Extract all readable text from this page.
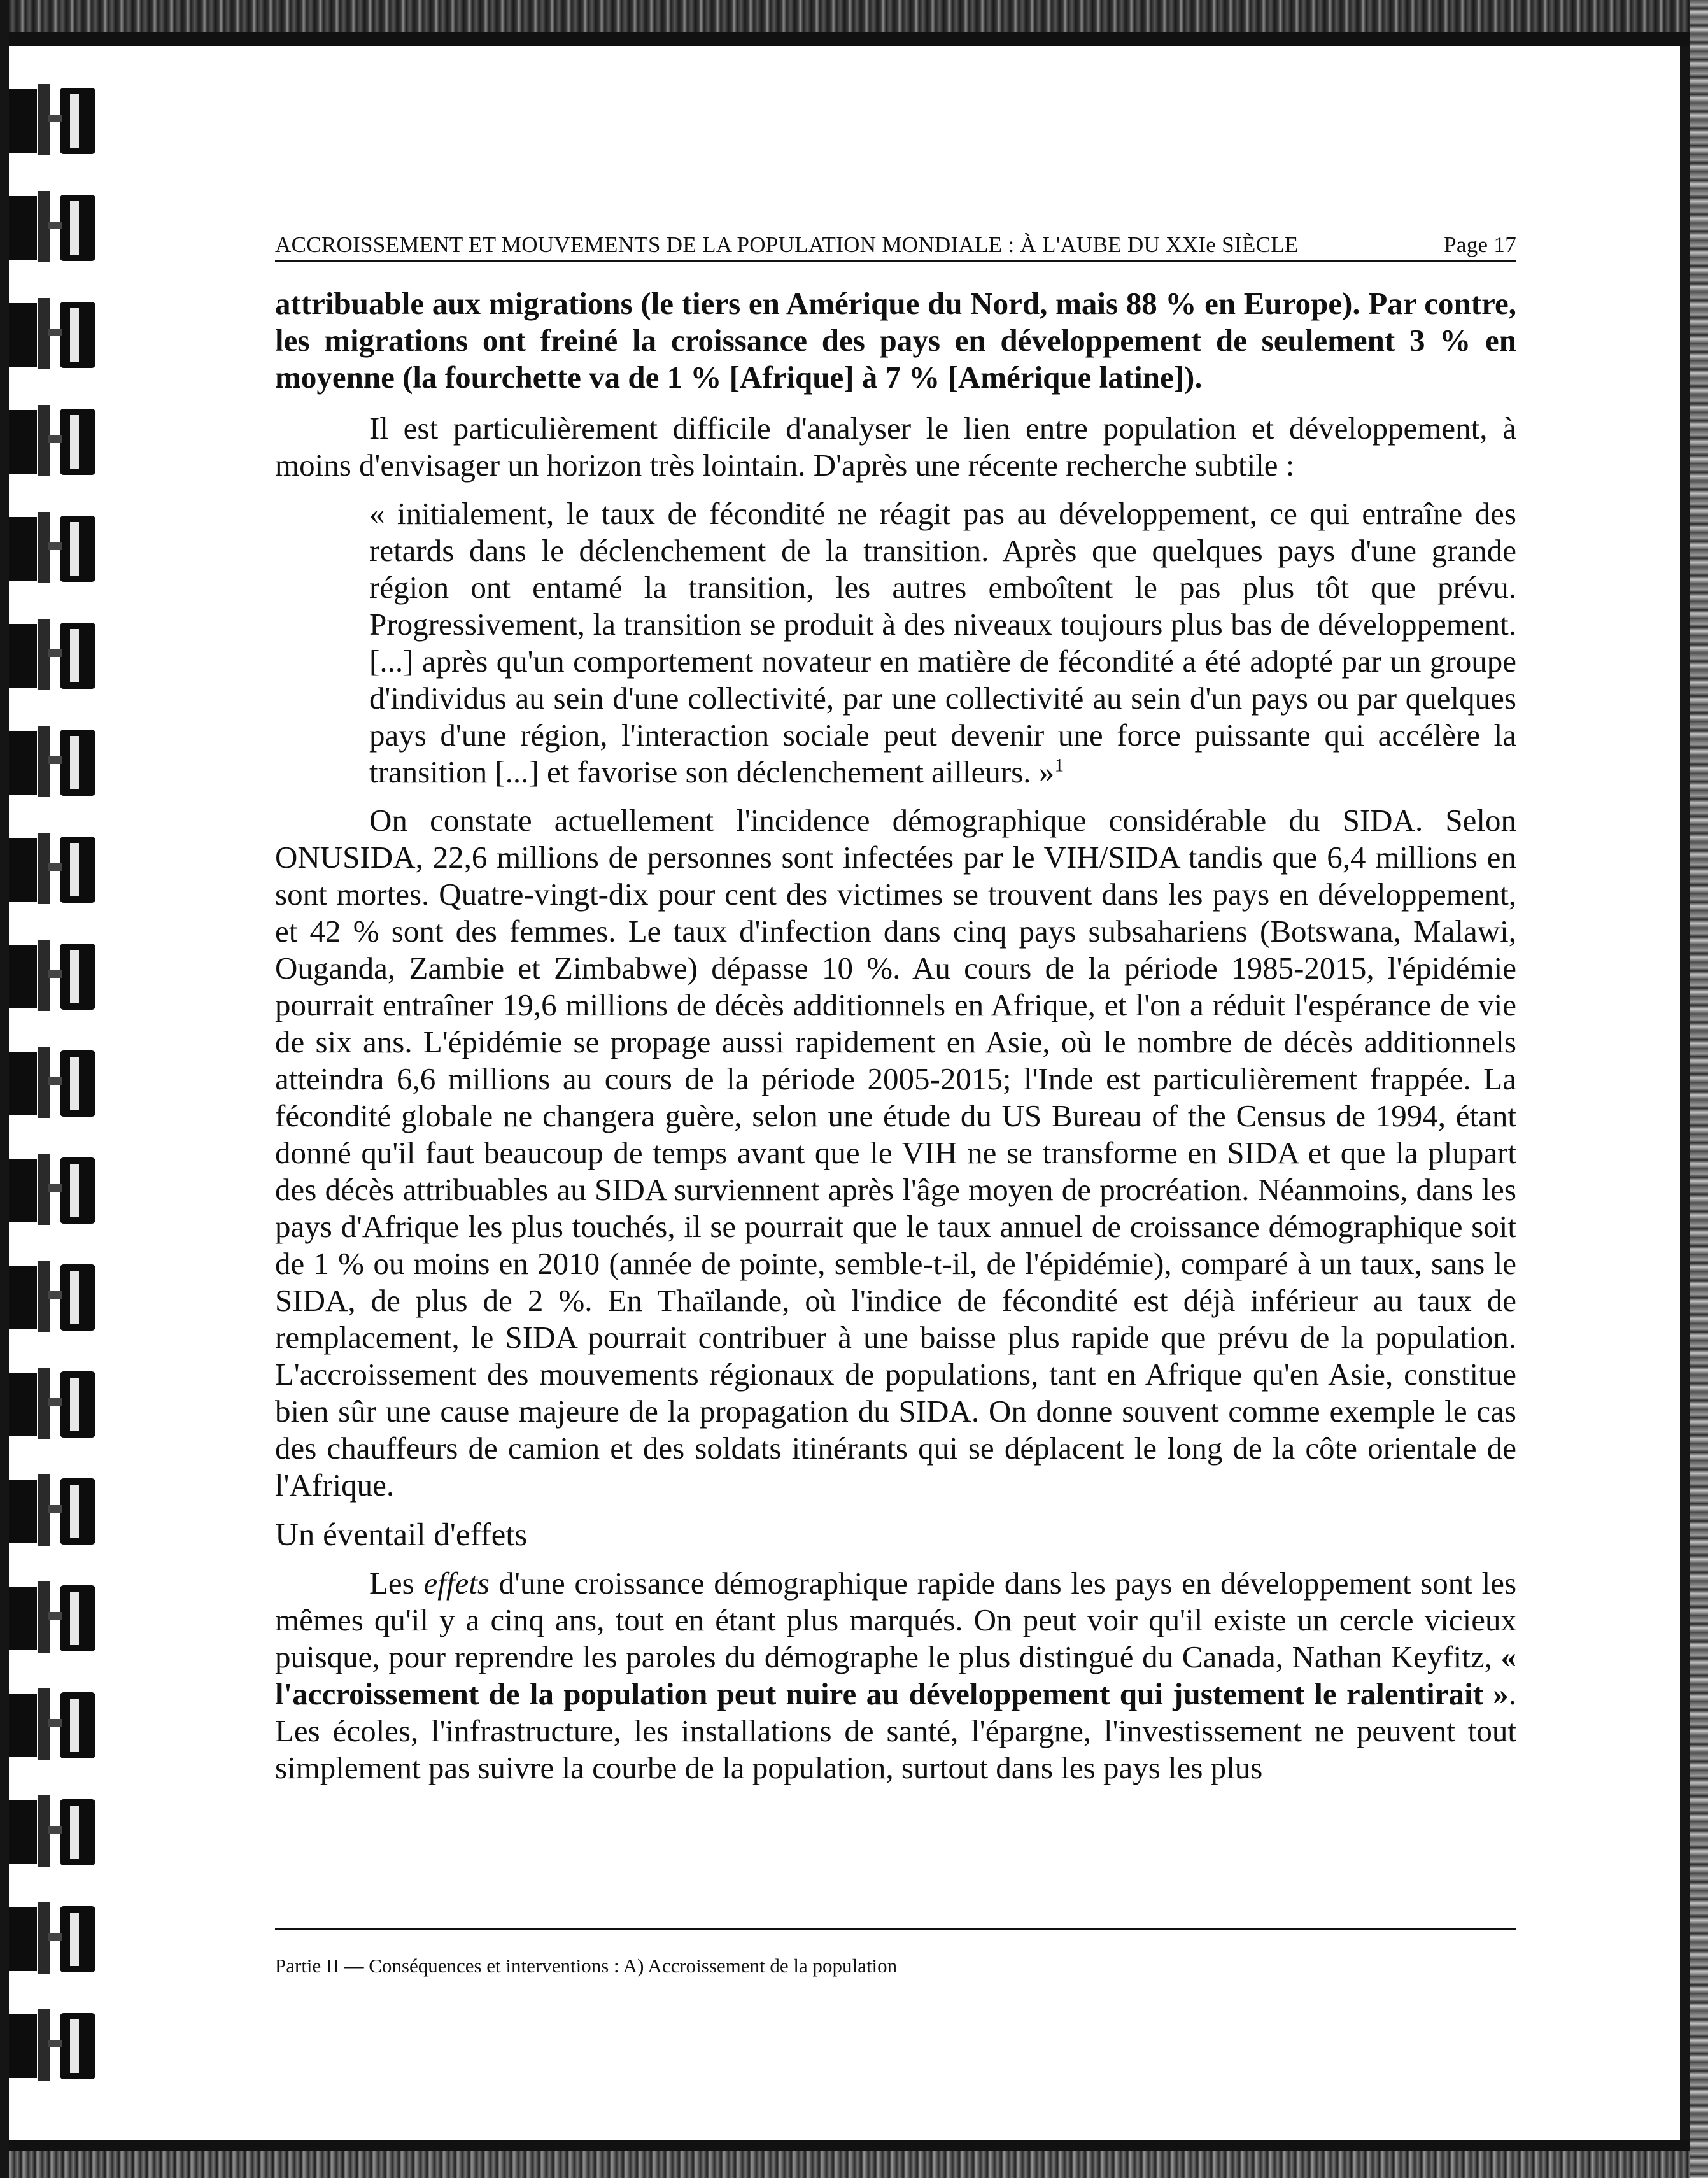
ACCROISSEMENT ET MOUVEMENTS DE LA POPULATION MONDIALE : À L'AUBE DU XXIe SIÈCLE	Page 17

attribuable aux migrations (le tiers en Amérique du Nord, mais 88 % en Europe). Par contre, les migrations ont freiné la croissance des pays en développement de seulement 3 % en moyenne (la fourchette va de 1 % [Afrique] à 7 % [Amérique latine]).

Il est particulièrement difficile d'analyser le lien entre population et développement, à moins d'envisager un horizon très lointain. D'après une récente recherche subtile :

« initialement, le taux de fécondité ne réagit pas au développement, ce qui entraîne des retards dans le déclenchement de la transition. Après que quelques pays d'une grande région ont entamé la transition, les autres emboîtent le pas plus tôt que prévu. Progressivement, la transition se produit à des niveaux toujours plus bas de développement. [...] après qu'un comportement novateur en matière de fécondité a été adopté par un groupe d'individus au sein d'une collectivité, par une collectivité au sein d'un pays ou par quelques pays d'une région, l'interaction sociale peut devenir une force puissante qui accélère la transition [...] et favorise son déclenchement ailleurs. »$^1$

On constate actuellement l'incidence démographique considérable du SIDA. Selon ONUSIDA, 22,6 millions de personnes sont infectées par le VIH/SIDA tandis que 6,4 millions en sont mortes. Quatre-vingt-dix pour cent des victimes se trouvent dans les pays en développement, et 42 % sont des femmes. Le taux d'infection dans cinq pays subsahariens (Botswana, Malawi, Ouganda, Zambie et Zimbabwe) dépasse 10 %. Au cours de la période 1985-2015, l'épidémie pourrait entraîner 19,6 millions de décès additionnels en Afrique, et l'on a réduit l'espérance de vie de six ans. L'épidémie se propage aussi rapidement en Asie, où le nombre de décès additionnels atteindra 6,6 millions au cours de la période 2005-2015; l'Inde est particulièrement frappée. La fécondité globale ne changera guère, selon une étude du US Bureau of the Census de 1994, étant donné qu'il faut beaucoup de temps avant que le VIH ne se transforme en SIDA et que la plupart des décès attribuables au SIDA surviennent après l'âge moyen de procréation. Néanmoins, dans les pays d'Afrique les plus touchés, il se pourrait que le taux annuel de croissance démographique soit de 1 % ou moins en 2010 (année de pointe, semble-t-il, de l'épidémie), comparé à un taux, sans le SIDA, de plus de 2 %. En Thaïlande, où l'indice de fécondité est déjà inférieur au taux de remplacement, le SIDA pourrait contribuer à une baisse plus rapide que prévu de la population. L'accroissement des mouvements régionaux de populations, tant en Afrique qu'en Asie, constitue bien sûr une cause majeure de la propagation du SIDA. On donne souvent comme exemple le cas des chauffeurs de camion et des soldats itinérants qui se déplacent le long de la côte orientale de l'Afrique.

Un éventail d'effets

Les effets d'une croissance démographique rapide dans les pays en développement sont les mêmes qu'il y a cinq ans, tout en étant plus marqués. On peut voir qu'il existe un cercle vicieux puisque, pour reprendre les paroles du démographe le plus distingué du Canada, Nathan Keyfitz, « l'accroissement de la population peut nuire au développement qui justement le ralentirait ». Les écoles, l'infrastructure, les installations de santé, l'épargne, l'investissement ne peuvent tout simplement pas suivre la courbe de la population, surtout dans les pays les plus

Partie II — Conséquences et interventions : A) Accroissement de la population
